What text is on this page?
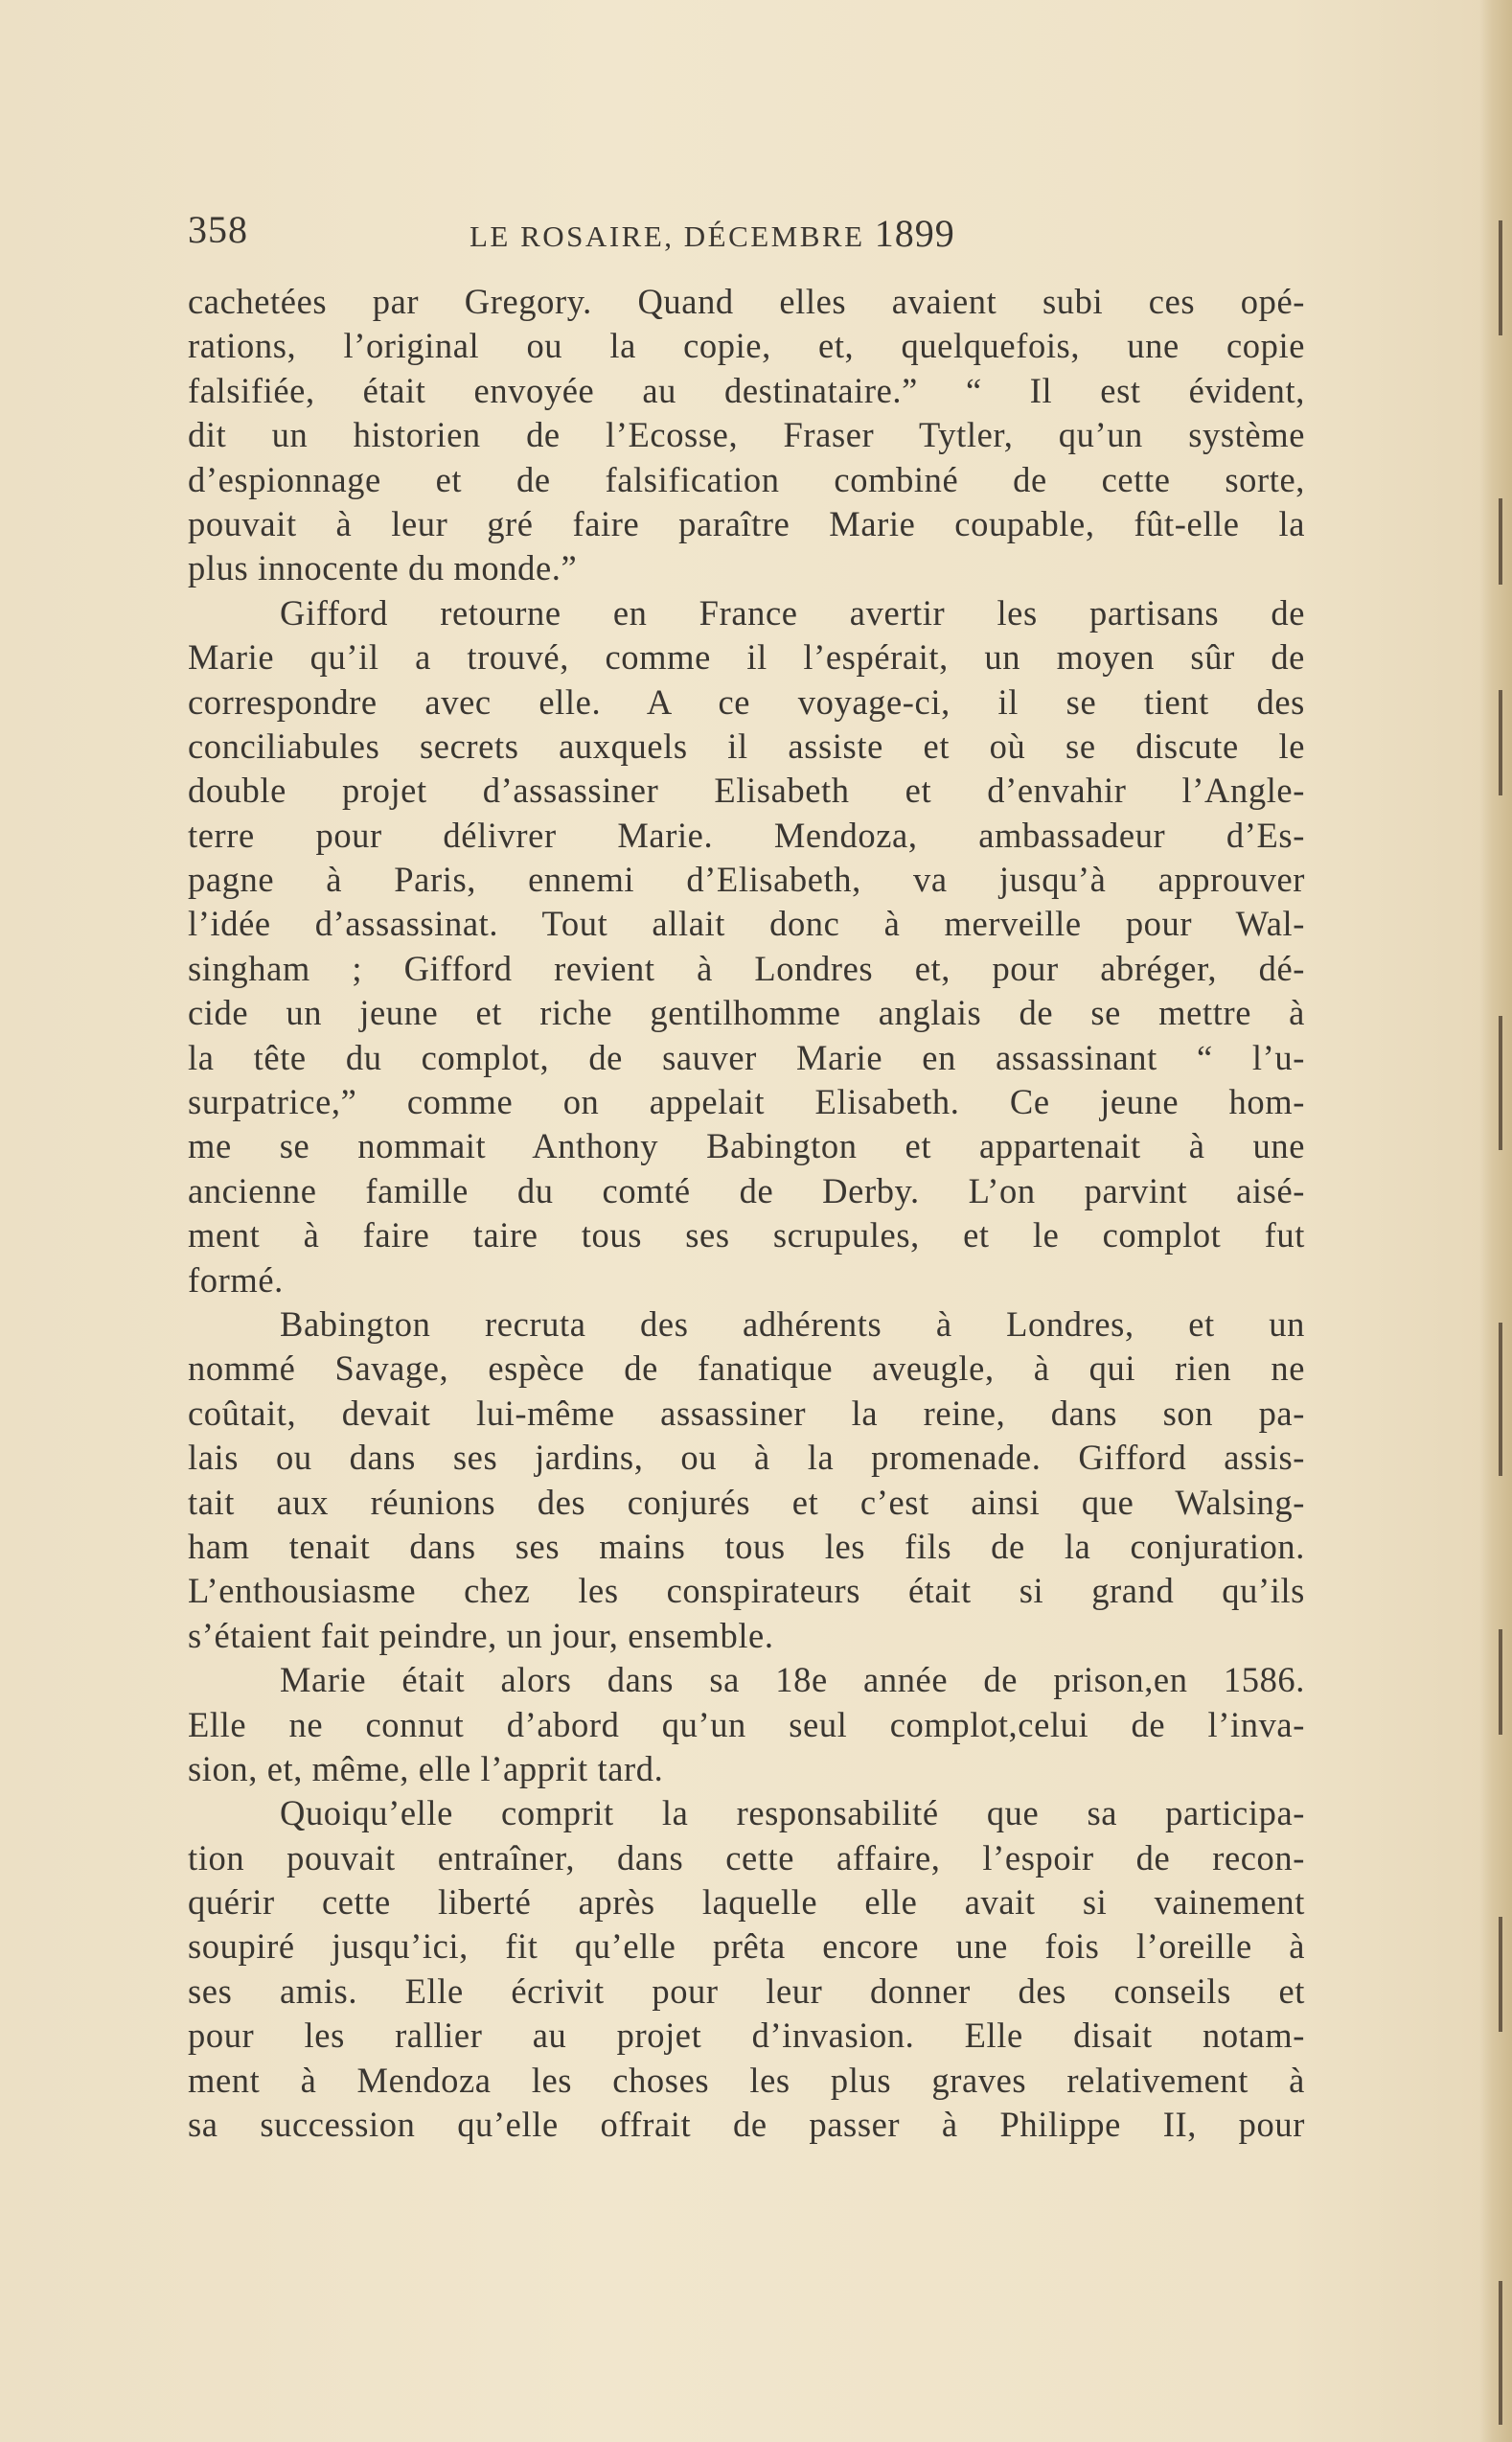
358	LE ROSAIRE, DÉCEMBRE 1899
cachetées par Gregory. Quand elles avaient subi ces opé-
rations, l’original ou la copie, et, quelquefois, une copie
falsifiée, était envoyée au destinataire.” “ Il est évident,
dit un historien de l’Ecosse, Fraser Tytler, qu’un système
d’espionnage et de falsification combiné de cette sorte,
pouvait à leur gré faire paraître Marie coupable, fût-elle la
plus innocente du monde.”
Gifford retourne en France avertir les partisans de
Marie qu’il a trouvé, comme il l’espérait, un moyen sûr de
correspondre avec elle. A ce voyage-ci, il se tient des
conciliabules secrets auxquels il assiste et où se discute le
double projet d’assassiner Elisabeth et d’envahir l’Angle-
terre pour délivrer Marie. Mendoza, ambassadeur d’Es-
pagne à Paris, ennemi d’Elisabeth, va jusqu’à approuver
l’idée d’assassinat. Tout allait donc à merveille pour Wal-
singham ; Gifford revient à Londres et, pour abréger, dé-
cide un jeune et riche gentilhomme anglais de se mettre à
la tête du complot, de sauver Marie en assassinant “ l’u-
surpatrice,” comme on appelait Elisabeth. Ce jeune hom-
me se nommait Anthony Babington et appartenait à une
ancienne famille du comté de Derby. L’on parvint aisé-
ment à faire taire tous ses scrupules, et le complot fut
formé.
Babington recruta des adhérents à Londres, et un
nommé Savage, espèce de fanatique aveugle, à qui rien ne
coûtait, devait lui-même assassiner la reine, dans son pa-
lais ou dans ses jardins, ou à la promenade. Gifford assis-
tait aux réunions des conjurés et c’est ainsi que Walsing-
ham tenait dans ses mains tous les fils de la conjuration.
L’enthousiasme chez les conspirateurs était si grand qu’ils
s’étaient fait peindre, un jour, ensemble.
Marie était alors dans sa 18e année de prison,en 1586.
Elle ne connut d’abord qu’un seul complot,celui de l’inva-
sion, et, même, elle l’apprit tard.
Quoiqu’elle comprit la responsabilité que sa participa-
tion pouvait entraîner, dans cette affaire, l’espoir de recon-
quérir cette liberté après laquelle elle avait si vainement
soupiré jusqu’ici, fit qu’elle prêta encore une fois l’oreille à
ses amis. Elle écrivit pour leur donner des conseils et
pour les rallier au projet d’invasion. Elle disait notam-
ment à Mendoza les choses les plus graves relativement à
sa succession qu’elle offrait de passer à Philippe II, pour
